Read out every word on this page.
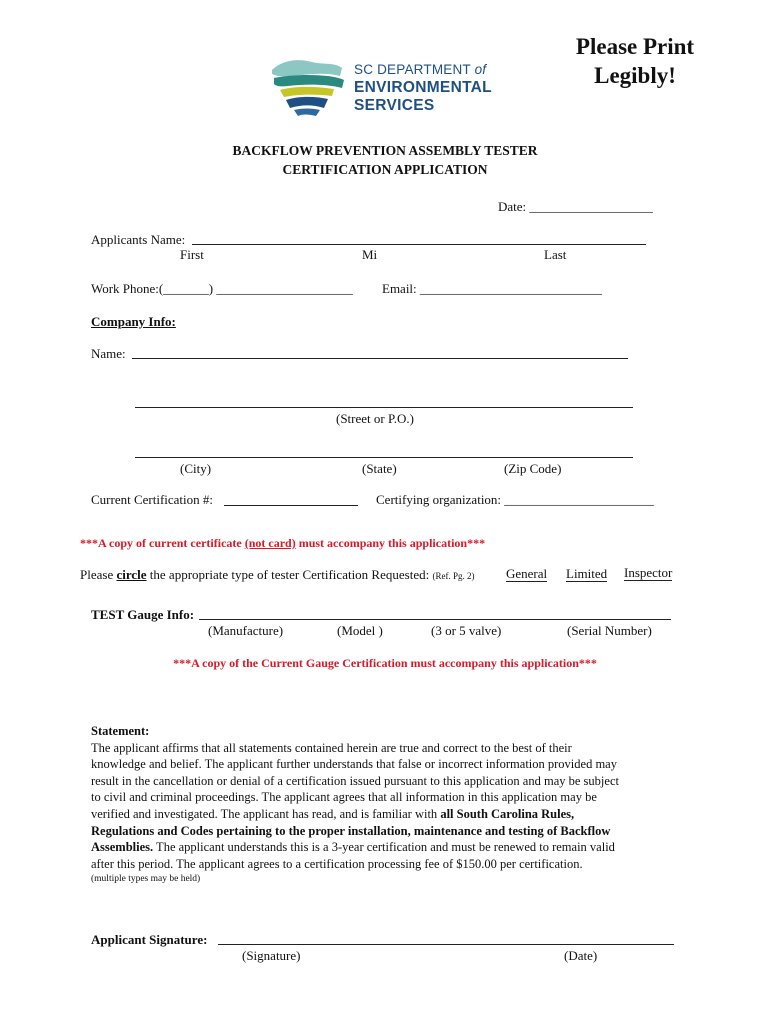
Please Print
Legibly!
SC DEPARTMENT of
ENVIRONMENTAL
SERVICES
BACKFLOW PREVENTION ASSEMBLY TESTER
CERTIFICATION APPLICATION
Date: ___________________
Applicants Name:
First	Mi	Last
Work Phone:(_______) _____________________ Email: ____________________________
Company Info:
Name:
(Street or P.O.)
(City)	(State)	(Zip Code)
Current Certification #:	Certifying organization: _______________________
***A copy of current certificate (not card) must accompany this application***
Please circle the appropriate type of tester Certification Requested: (Ref. Pg. 2) General Limited Inspector
TEST Gauge Info:
(Manufacture)	(Model )	(3 or 5 valve)	(Serial Number)
***A copy of the Current Gauge Certification must accompany this application***
Statement:
The applicant affirms that all statements contained herein are true and correct to the best of their
knowledge and belief. The applicant further understands that false or incorrect information provided may
result in the cancellation or denial of a certification issued pursuant to this application and may be subject
to civil and criminal proceedings. The applicant agrees that all information in this application may be
verified and investigated. The applicant has read, and is familiar with all South Carolina Rules,
Regulations and Codes pertaining to the proper installation, maintenance and testing of Backflow
Assemblies. The applicant understands this is a 3-year certification and must be renewed to remain valid
after this period. The applicant agrees to a certification processing fee of $150.00 per certification.
(multiple types may be held)
Applicant Signature:
(Signature)	(Date)
